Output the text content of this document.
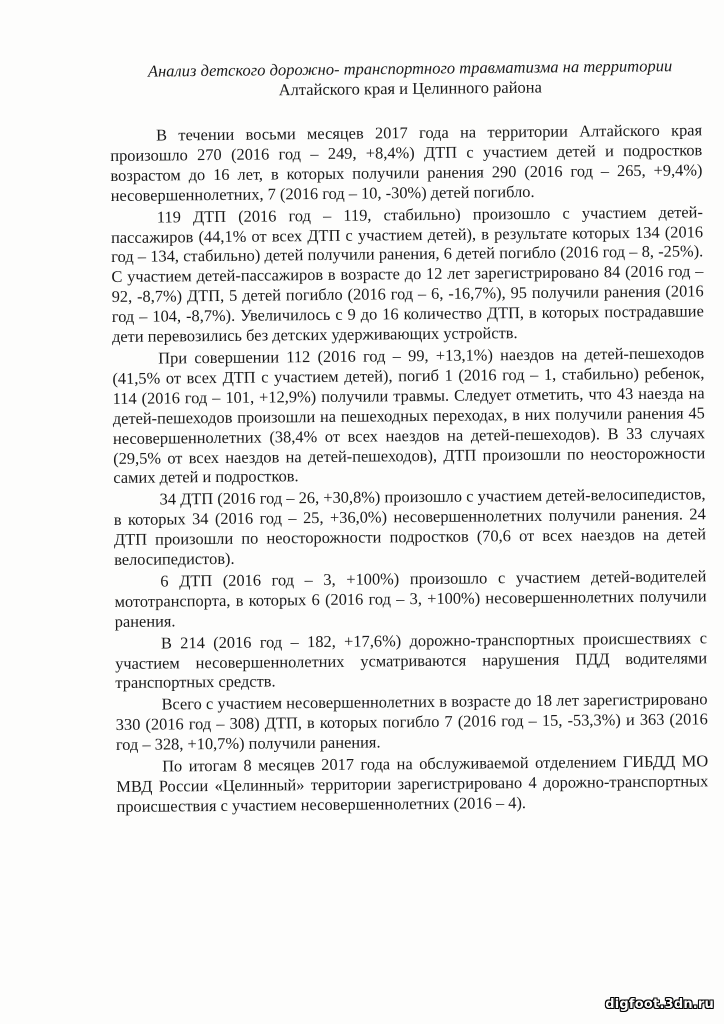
Анализ детского дорожно- транспортного травматизма на территории
Алтайского края и Целинного района

В течении восьми месяцев 2017 года на территории Алтайского края произошло 270 (2016 год – 249, +8,4%) ДТП с участием детей и подростков возрастом до 16 лет, в которых получили ранения 290 (2016 год – 265, +9,4%) несовершеннолетних, 7 (2016 год – 10, -30%) детей погибло.

119 ДТП (2016 год – 119, стабильно) произошло с участием детей-пассажиров (44,1% от всех ДТП с участием детей), в результате которых 134 (2016 год – 134, стабильно) детей получили ранения, 6 детей погибло (2016 год – 8, -25%). С участием детей-пассажиров в возрасте до 12 лет зарегистрировано 84 (2016 год – 92, -8,7%) ДТП, 5 детей погибло (2016 год – 6, -16,7%), 95 получили ранения (2016 год – 104, -8,7%). Увеличилось с 9 до 16 количество ДТП, в которых пострадавшие дети перевозились без детских удерживающих устройств.

При совершении 112 (2016 год – 99, +13,1%) наездов на детей-пешеходов (41,5% от всех ДТП с участием детей), погиб 1 (2016 год – 1, стабильно) ребенок, 114 (2016 год – 101, +12,9%) получили травмы. Следует отметить, что 43 наезда на детей-пешеходов произошли на пешеходных переходах, в них получили ранения 45 несовершеннолетних (38,4% от всех наездов на детей-пешеходов). В 33 случаях (29,5% от всех наездов на детей-пешеходов), ДТП произошли по неосторожности самих детей и подростков.

34 ДТП (2016 год – 26, +30,8%) произошло с участием детей-велосипедистов, в которых 34 (2016 год – 25, +36,0%) несовершеннолетних получили ранения. 24 ДТП произошли по неосторожности подростков (70,6 от всех наездов на детей велосипедистов).

6 ДТП (2016 год – 3, +100%) произошло с участием детей-водителей мототранспорта, в которых 6 (2016 год – 3, +100%) несовершеннолетних получили ранения.

В 214 (2016 год – 182, +17,6%) дорожно-транспортных происшествиях с участием несовершеннолетних усматриваются нарушения ПДД водителями транспортных средств.

Всего с участием несовершеннолетних в возрасте до 18 лет зарегистрировано 330 (2016 год – 308) ДТП, в которых погибло 7 (2016 год – 15, -53,3%) и 363 (2016 год – 328, +10,7%) получили ранения.

По итогам 8 месяцев 2017 года на обслуживаемой отделением ГИБДД МО МВД России «Целинный» территории зарегистрировано 4 дорожно-транспортных происшествия с участием несовершеннолетних (2016 – 4).

digfoot.3dn.ru
